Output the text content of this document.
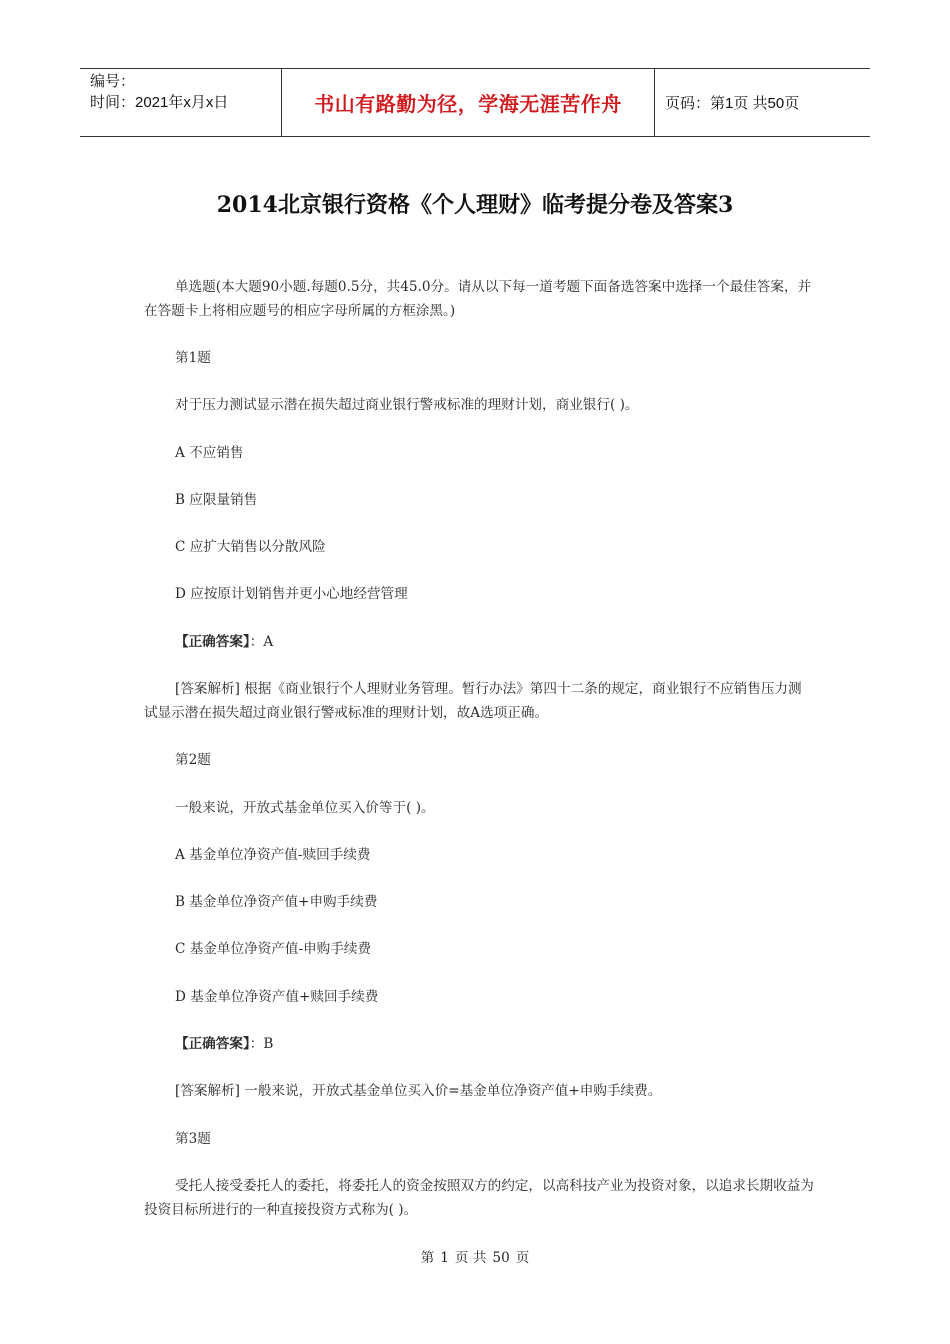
编号：
时间：2021年x月x日	书山有路勤为径，学海无涯苦作舟	页码：第1页 共50页
2014北京银行资格《个人理财》临考提分卷及答案3
单选题(本大题90小题.每题0.5分，共45.0分。请从以下每一道考题下面备选答案中选择一个最佳答案，并在答题卡上将相应题号的相应字母所属的方框涂黑。)
第1题
对于压力测试显示潜在损失超过商业银行警戒标准的理财计划，商业银行( )。
A 不应销售
B 应限量销售
C 应扩大销售以分散风险
D 应按原计划销售并更小心地经营管理
【正确答案】：A
[答案解析] 根据《商业银行个人理财业务管理。暂行办法》第四十二条的规定，商业银行不应销售压力测试显示潜在损失超过商业银行警戒标准的理财计划，故A选项正确。
第2题
一般来说，开放式基金单位买入价等于( )。
A 基金单位净资产值-赎回手续费
B 基金单位净资产值+申购手续费
C 基金单位净资产值-申购手续费
D 基金单位净资产值+赎回手续费
【正确答案】：B
[答案解析] 一般来说，开放式基金单位买入价=基金单位净资产值+申购手续费。
第3题
受托人接受委托人的委托，将委托人的资金按照双方的约定，以高科技产业为投资对象，以追求长期收益为投资目标所进行的一种直接投资方式称为( )。
第 1 页 共 50 页
